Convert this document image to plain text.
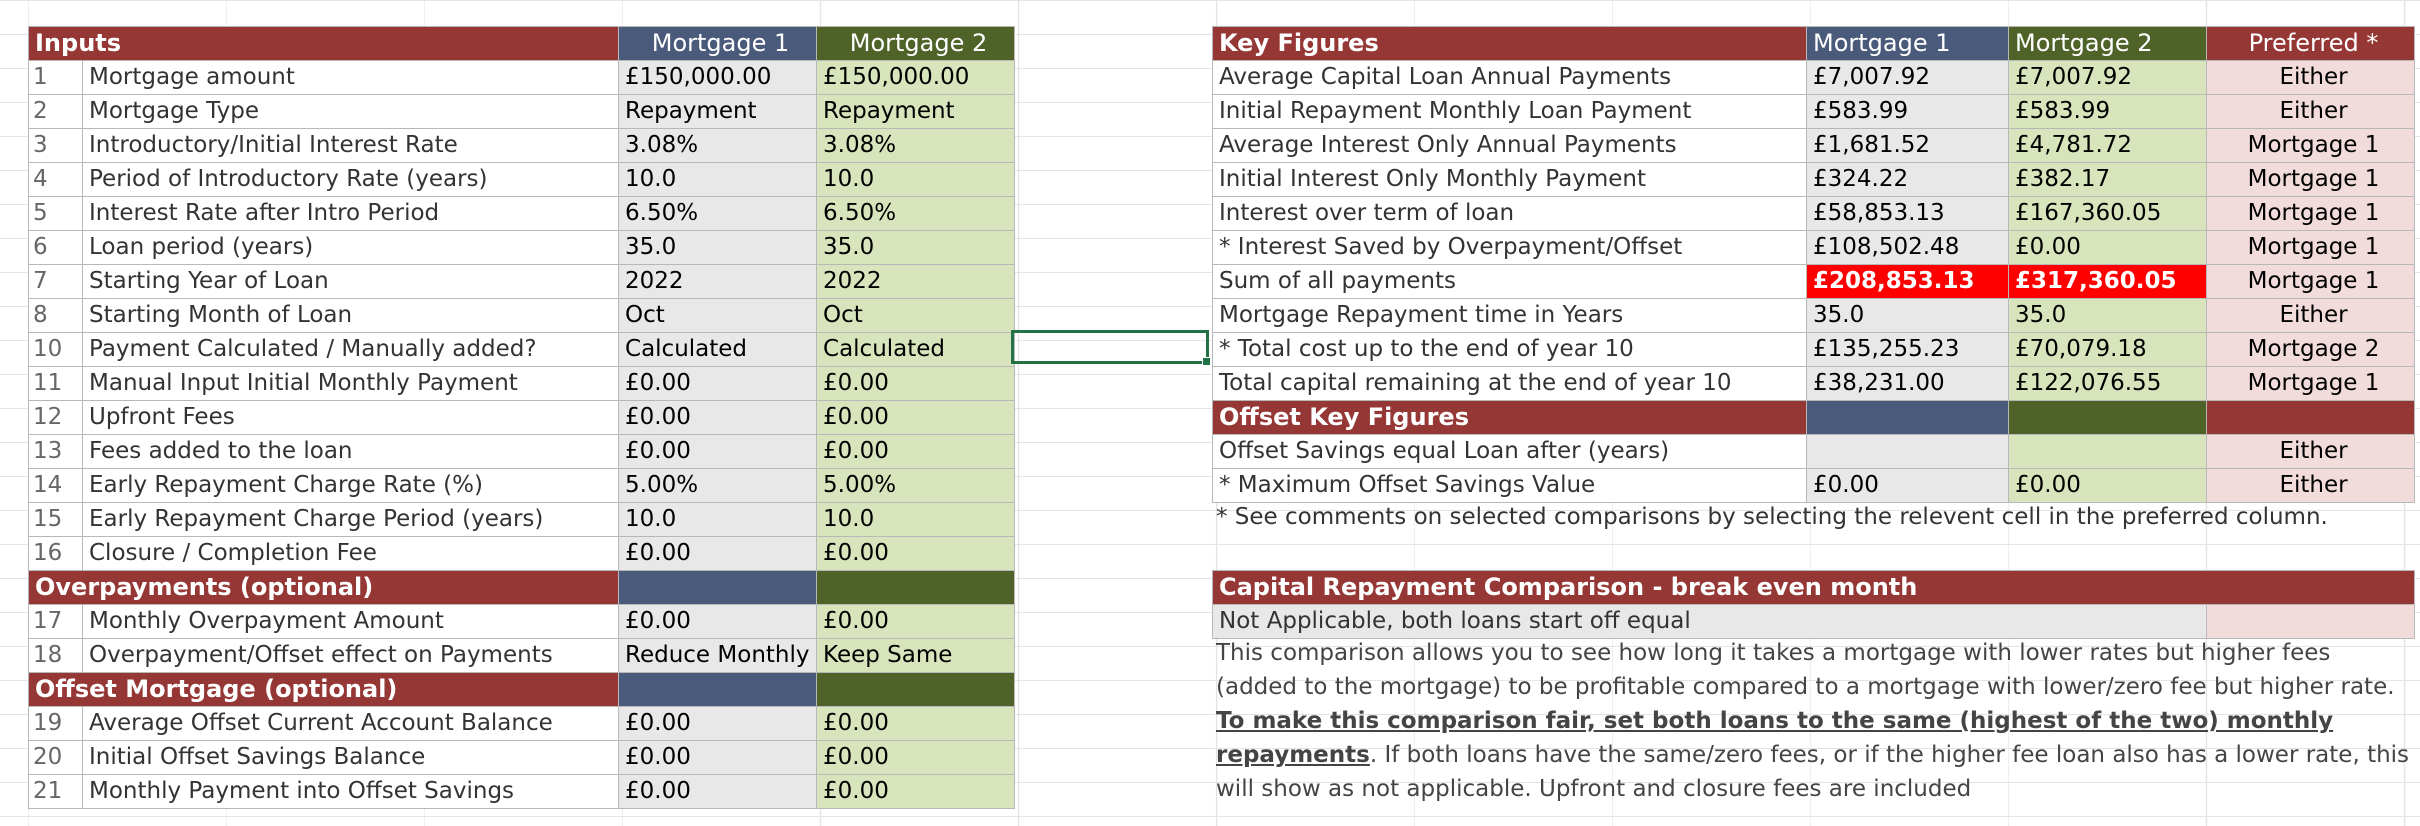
Inputs		Mortgage 1	Mortgage 2
1	Mortgage amount	£150,000.00	£150,000.00
2	Mortgage Type	Repayment	Repayment
3	Introductory/Initial Interest Rate	3.08%	3.08%
4	Period of Introductory Rate (years)	10.0	10.0
5	Interest Rate after Intro Period	6.50%	6.50%
6	Loan period (years)	35.0	35.0
7	Starting Year of Loan	2022	2022
8	Starting Month of Loan	Oct	Oct
10	Payment Calculated / Manually added?	Calculated	Calculated
11	Manual Input Initial Monthly Payment	£0.00	£0.00
12	Upfront Fees	£0.00	£0.00
13	Fees added to the loan	£0.00	£0.00
14	Early Repayment Charge Rate (%)	5.00%	5.00%
15	Early Repayment Charge Period (years)	10.0	10.0
16	Closure / Completion Fee	£0.00	£0.00
Overpayments (optional)			
17	Monthly Overpayment Amount	£0.00	£0.00
18	Overpayment/Offset effect on Payments	Reduce Monthly	Keep Same
Offset Mortgage (optional)			
19	Average Offset Current Account Balance	£0.00	£0.00
20	Initial Offset Savings Balance	£0.00	£0.00
21	Monthly Payment into Offset Savings	£0.00	£0.00
Key Figures	Mortgage 1	Mortgage 2	Preferred *
Average Capital Loan Annual Payments	£7,007.92	£7,007.92	Either
Initial Repayment Monthly Loan Payment	£583.99	£583.99	Either
Average Interest Only Annual Payments	£1,681.52	£4,781.72	Mortgage 1
Initial Interest Only Monthly Payment	£324.22	£382.17	Mortgage 1
Interest over term of loan	£58,853.13	£167,360.05	Mortgage 1
* Interest Saved by Overpayment/Offset	£108,502.48	£0.00	Mortgage 1
Sum of all payments	£208,853.13	£317,360.05	Mortgage 1
Mortgage Repayment time in Years	35.0	35.0	Either
* Total cost up to the end of year 10	£135,255.23	£70,079.18	Mortgage 2
Total capital remaining at the end of year 10	£38,231.00	£122,076.55	Mortgage 1
Offset Key Figures			
Offset Savings equal Loan after (years)			Either
* Maximum Offset Savings Value	£0.00	£0.00	Either
* See comments on selected comparisons by selecting the relevent cell in the preferred column.
Capital Repayment Comparison - break even month
Not Applicable, both loans start off equal	
This comparison allows you to see how long it takes a mortgage with lower rates but higher fees (added to the mortgage) to be profitable compared to a mortgage with lower/zero fee but higher rate. To make this comparison fair, set both loans to the same (highest of the two) monthly repayments. If both loans have the same/zero fees, or if the higher fee loan also has a lower rate, this will show as not applicable. Upfront and closure fees are included
